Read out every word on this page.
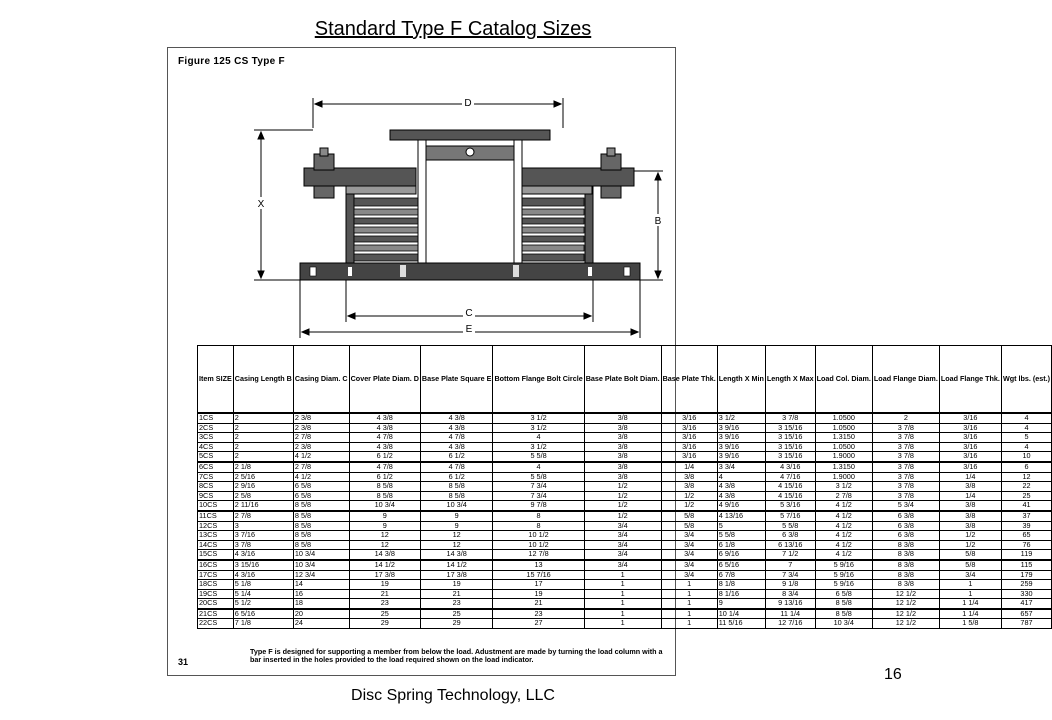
Standard Type F Catalog Sizes
Figure 125 CS Type F
D
X
B
C
E
Item SIZE	Casing Length B	Casing Diam. C	Cover Plate Diam. D	Base Plate Square E	Bottom Flange Bolt Circle	Base Plate Bolt Diam.	Base Plate Thk.	Length X Min	Length X Max	Load Col. Diam.	Load Flange Diam.	Load Flange Thk.	Wgt lbs. (est.)
1CS	2	2 3/8	4 3/8	4 3/8	3 1/2	3/8	3/16	3 1/2	3 7/8	1.0500	2	3/16	4
2CS	2	2 3/8	4 3/8	4 3/8	3 1/2	3/8	3/16	3 9/16	3 15/16	1.0500	3 7/8	3/16	4
3CS	2	2 7/8	4 7/8	4 7/8	4	3/8	3/16	3 9/16	3 15/16	1.3150	3 7/8	3/16	5
4CS	2	2 3/8	4 3/8	4 3/8	3 1/2	3/8	3/16	3 9/16	3 15/16	1.0500	3 7/8	3/16	4
5CS	2	4 1/2	6 1/2	6 1/2	5 5/8	3/8	3/16	3 9/16	3 15/16	1.9000	3 7/8	3/16	10
6CS	2 1/8	2 7/8	4 7/8	4 7/8	4	3/8	1/4	3 3/4	4 3/16	1.3150	3 7/8	3/16	6
7CS	2 5/16	4 1/2	6 1/2	6 1/2	5 5/8	3/8	3/8	4	4 7/16	1.9000	3 7/8	1/4	12
8CS	2 9/16	6 5/8	8 5/8	8 5/8	7 3/4	1/2	3/8	4 3/8	4 15/16	3 1/2	3 7/8	3/8	22
9CS	2 5/8	6 5/8	8 5/8	8 5/8	7 3/4	1/2	1/2	4 3/8	4 15/16	2 7/8	3 7/8	1/4	25
10CS	2 11/16	8 5/8	10 3/4	10 3/4	9 7/8	1/2	1/2	4 9/16	5 3/16	4 1/2	5 3/4	3/8	41
11CS	2 7/8	8 5/8	9	9	8	1/2	5/8	4 13/16	5 7/16	4 1/2	6 3/8	3/8	37
12CS	3	8 5/8	9	9	8	3/4	5/8	5	5 5/8	4 1/2	6 3/8	3/8	39
13CS	3 7/16	8 5/8	12	12	10 1/2	3/4	3/4	5 5/8	6 3/8	4 1/2	6 3/8	1/2	65
14CS	3 7/8	8 5/8	12	12	10 1/2	3/4	3/4	6 1/8	6 13/16	4 1/2	8 3/8	1/2	76
15CS	4 3/16	10 3/4	14 3/8	14 3/8	12 7/8	3/4	3/4	6 9/16	7 1/2	4 1/2	8 3/8	5/8	119
16CS	3 15/16	10 3/4	14 1/2	14 1/2	13	3/4	3/4	6 5/16	7	5 9/16	8 3/8	5/8	115
17CS	4 3/16	12 3/4	17 3/8	17 3/8	15 7/16	1	3/4	6 7/8	7 3/4	5 9/16	8 3/8	3/4	179
18CS	5 1/8	14	19	19	17	1	1	8 1/8	9 1/8	5 9/16	8 3/8	1	259
19CS	5 1/4	16	21	21	19	1	1	8 1/16	8 3/4	6 5/8	12 1/2	1	330
20CS	5 1/2	18	23	23	21	1	1	9	9 13/16	8 5/8	12 1/2	1 1/4	417
21CS	6 5/16	20	25	25	23	1	1	10 1/4	11 1/4	8 5/8	12 1/2	1 1/4	657
22CS	7 1/8	24	29	29	27	1	1	11 5/16	12 7/16	10 3/4	12 1/2	1 5/8	787
31
Type F is designed for supporting a member from below the load. Adustment are made by turning the load column with a bar inserted in the holes provided to the load required shown on the load indicator.
16
Disc Spring Technology, LLC
